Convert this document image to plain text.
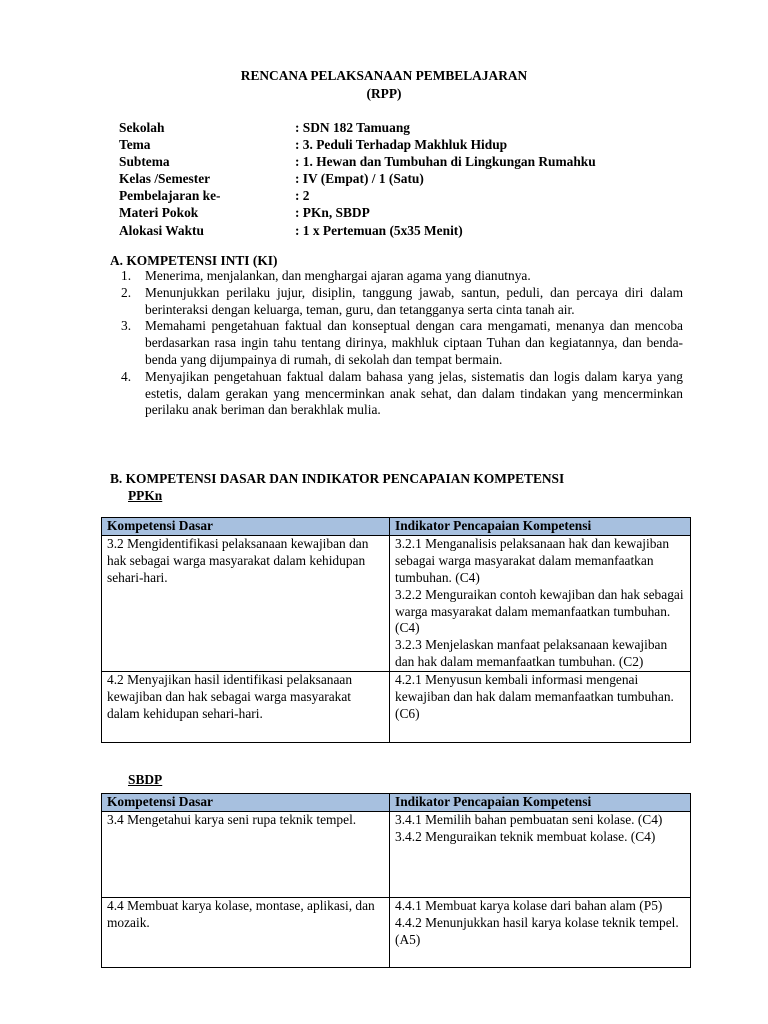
RENCANA PELAKSANAAN PEMBELAJARAN
(RPP)
Sekolah	: SDN 182 Tamuang
Tema	: 3. Peduli Terhadap Makhluk Hidup
Subtema	: 1. Hewan dan Tumbuhan di Lingkungan Rumahku
Kelas /Semester	: IV (Empat) / 1 (Satu)
Pembelajaran ke-	: 2
Materi Pokok	: PKn, SBDP
Alokasi Waktu	: 1 x Pertemuan (5x35 Menit)
A. KOMPETENSI INTI (KI)
1. Menerima, menjalankan, dan menghargai ajaran agama yang dianutnya.
2. Menunjukkan perilaku jujur, disiplin, tanggung jawab, santun, peduli, dan percaya diri dalam berinteraksi dengan keluarga, teman, guru, dan tetangganya serta cinta tanah air.
3. Memahami pengetahuan faktual dan konseptual dengan cara mengamati, menanya dan mencoba berdasarkan rasa ingin tahu tentang dirinya, makhluk ciptaan Tuhan dan kegiatannya, dan benda-benda yang dijumpainya di rumah, di sekolah dan tempat bermain.
4. Menyajikan pengetahuan faktual dalam bahasa yang jelas, sistematis dan logis dalam karya yang estetis, dalam gerakan yang mencerminkan anak sehat, dan dalam tindakan yang mencerminkan perilaku anak beriman dan berakhlak mulia.
B. KOMPETENSI DASAR DAN INDIKATOR PENCAPAIAN KOMPETENSI
PPKn
Kompetensi Dasar	Indikator Pencapaian Kompetensi
3.2 Mengidentifikasi pelaksanaan kewajiban dan hak sebagai warga masyarakat dalam kehidupan sehari-hari.	3.2.1 Menganalisis pelaksanaan hak dan kewajiban sebagai warga masyarakat dalam memanfaatkan tumbuhan. (C4)
3.2.2 Menguraikan contoh kewajiban dan hak sebagai warga masyarakat dalam memanfaatkan tumbuhan. (C4)
3.2.3 Menjelaskan manfaat pelaksanaan kewajiban dan hak dalam memanfaatkan tumbuhan. (C2)

4.2 Menyajikan hasil identifikasi pelaksanaan kewajiban dan hak sebagai warga masyarakat dalam kehidupan sehari-hari.	4.2.1 Menyusun kembali informasi mengenai kewajiban dan hak dalam memanfaatkan tumbuhan. (C6)
SBDP
Kompetensi Dasar	Indikator Pencapaian Kompetensi
3.4 Mengetahui karya seni rupa teknik tempel.	3.4.1 Memilih bahan pembuatan seni kolase. (C4)
3.4.2 Menguraikan teknik membuat kolase. (C4)

4.4 Membuat karya kolase, montase, aplikasi, dan mozaik.	4.4.1 Membuat karya kolase dari bahan alam (P5)
4.4.2 Menunjukkan hasil karya kolase teknik tempel. (A5)
